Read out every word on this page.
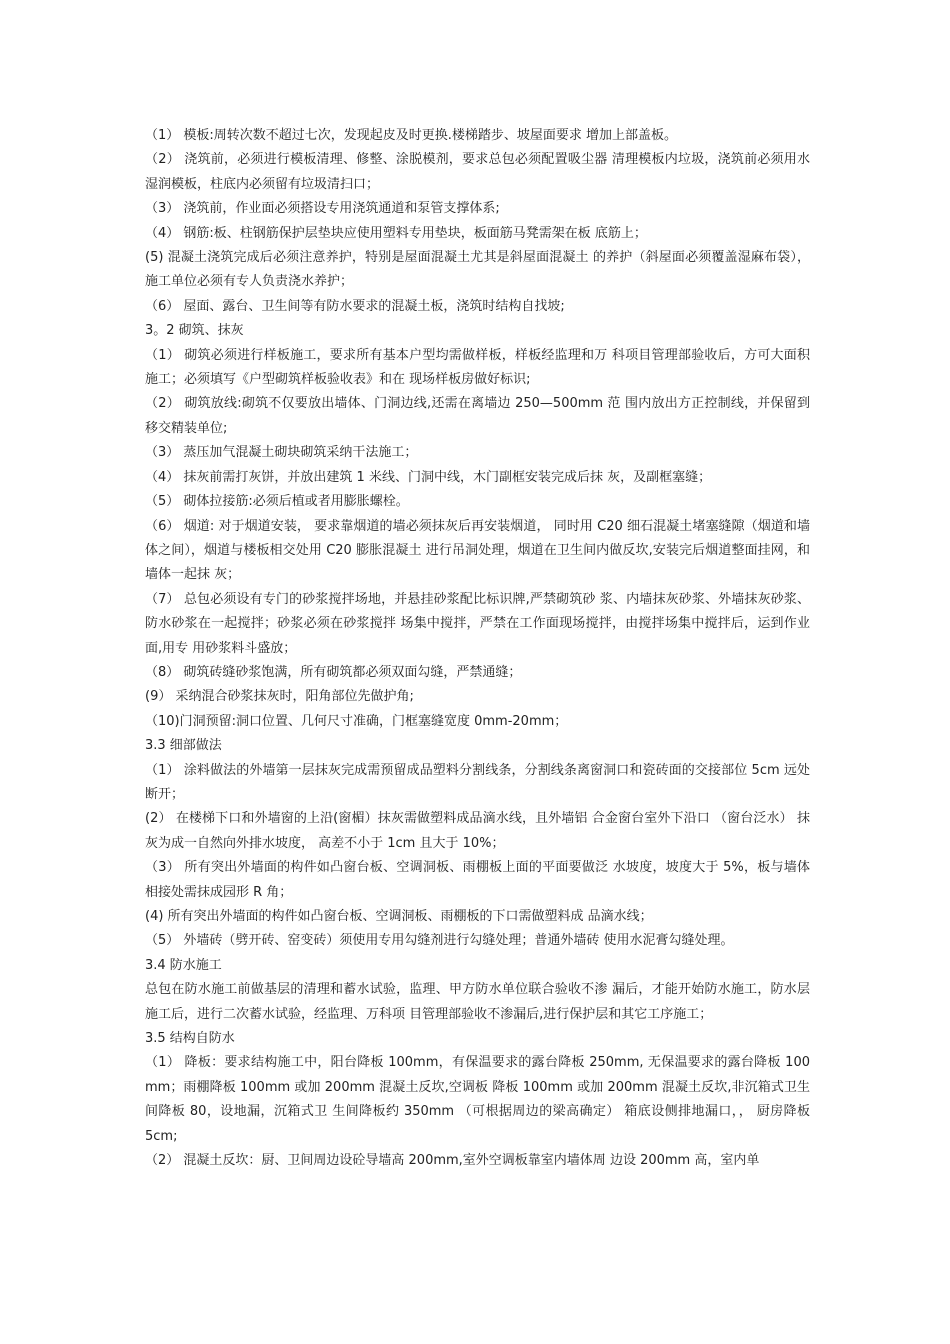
（1） 模板:周转次数不超过七次，发现起皮及时更换.楼梯踏步、坡屋面要求 增加上部盖板。

（2） 浇筑前，必须进行模板清理、修整、涂脱模剂，要求总包必须配置吸尘器 清理模板内垃圾，浇筑前必须用水湿润模板，柱底内必须留有垃圾清扫口；

（3） 浇筑前，作业面必须搭设专用浇筑通道和泵管支撑体系;

（4） 钢筋:板、柱钢筋保护层垫块应使用塑料专用垫块，板面筋马凳需架在板 底筋上；

(5) 混凝土浇筑完成后必须注意养护，特别是屋面混凝土尤其是斜屋面混凝土 的养护（斜屋面必须覆盖湿麻布袋），施工单位必须有专人负责浇水养护；

（6） 屋面、露台、卫生间等有防水要求的混凝土板，浇筑时结构自找坡;

3。2 砌筑、抹灰

（1） 砌筑必须进行样板施工，要求所有基本户型均需做样板，样板经监理和万 科项目管理部验收后，方可大面积施工；必须填写《户型砌筑样板验收表》和在 现场样板房做好标识;

（2） 砌筑放线:砌筑不仅要放出墙体、门洞边线,还需在离墙边 250—500mm 范 围内放出方正控制线，并保留到移交精装单位;

（3） 蒸压加气混凝土砌块砌筑采纳干法施工；

（4） 抹灰前需打灰饼，并放出建筑 1 米线、门洞中线，木门副框安装完成后抹 灰，及副框塞缝；

（5） 砌体拉接筋:必须后植或者用膨胀螺栓。

（6） 烟道: 对于烟道安装， 要求靠烟道的墙必须抹灰后再安装烟道， 同时用 C20 细石混凝土堵塞缝隙（烟道和墙体之间），烟道与楼板相交处用 C20 膨胀混凝土 进行吊洞处理，烟道在卫生间内做反坎,安装完后烟道整面挂网，和墙体一起抹 灰；

（7） 总包必须设有专门的砂浆搅拌场地，并悬挂砂浆配比标识牌,严禁砌筑砂 浆、内墙抹灰砂浆、外墙抹灰砂浆、防水砂浆在一起搅拌；砂浆必须在砂浆搅拌 场集中搅拌，严禁在工作面现场搅拌，由搅拌场集中搅拌后，运到作业面,用专 用砂浆料斗盛放；

（8） 砌筑砖缝砂浆饱满，所有砌筑都必须双面勾缝，严禁通缝；

(9） 采纳混合砂浆抹灰时，阳角部位先做护角;

（10)门洞预留:洞口位置、几何尺寸准确，门框塞缝宽度 0mm-20mm；

3.3 细部做法

（1） 涂料做法的外墙第一层抹灰完成需预留成品塑料分割线条，分割线条离窗洞口和瓷砖面的交接部位 5cm 远处断开；

(2） 在楼梯下口和外墙窗的上沿(窗楣）抹灰需做塑料成品滴水线，且外墙铝 合金窗台室外下沿口 （窗台泛水） 抹灰为成一自然向外排水坡度， 高差不小于 1cm 且大于 10%；

（3） 所有突出外墙面的构件如凸窗台板、空调洞板、雨棚板上面的平面要做泛 水坡度，坡度大于 5%，板与墙体相接处需抹成园形 R 角；

(4) 所有突出外墙面的构件如凸窗台板、空调洞板、雨棚板的下口需做塑料成 品滴水线；

（5） 外墙砖（劈开砖、窑变砖）须使用专用勾缝剂进行勾缝处理；普通外墙砖 使用水泥膏勾缝处理。

3.4 防水施工

总包在防水施工前做基层的清理和蓄水试验，监理、甲方防水单位联合验收不渗 漏后，才能开始防水施工，防水层施工后，进行二次蓄水试验，经监理、万科项 目管理部验收不渗漏后,进行保护层和其它工序施工；

3.5 结构自防水

（1） 降板：要求结构施工中，阳台降板 100mm，有保温要求的露台降板 250mm, 无保温要求的露台降板 100 mm；雨棚降板 100mm 或加 200mm 混凝土反坎,空调板 降板 100mm 或加 200mm 混凝土反坎,非沉箱式卫生间降板 80，设地漏，沉箱式卫 生间降板约 350mm （可根据周边的梁高确定） 箱底设侧排地漏口，， 厨房降板 5cm;

（2） 混凝土反坎：厨、卫间周边设砼导墙高 200mm,室外空调板靠室内墙体周 边设 200mm 高，室内单
